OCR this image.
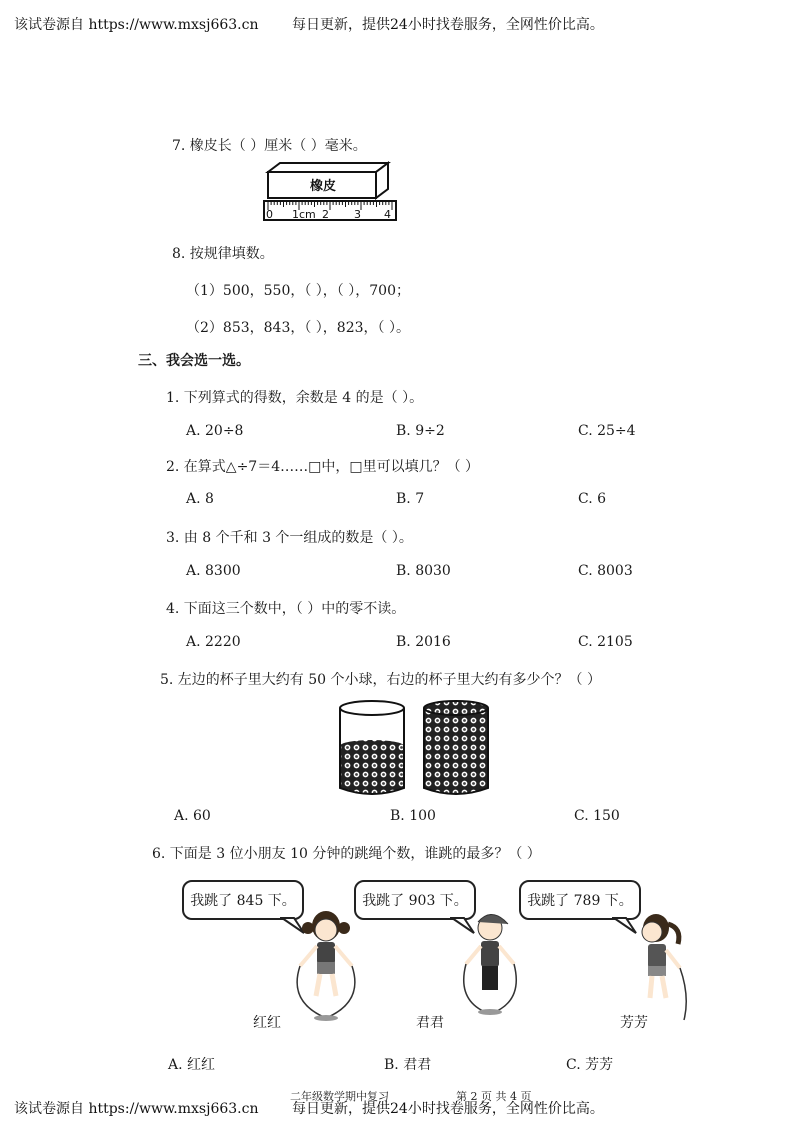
该试卷源自 https://www.mxsj663.cn 每日更新，提供24小时找卷服务，全网性价比高。
7. 橡皮长（ ）厘米（ ）毫米。
橡皮
0 1cm 2 3 4
8. 按规律填数。
（1）500，550，（ ），（ ），700；
（2）853，843，（ ），823，（ ）。
三、我会选一选。
1. 下列算式的得数，余数是 4 的是（ ）。
A. 20÷8	B. 9÷2	C. 25÷4
2. 在算式△÷7＝4……□中，□里可以填几？（ ）
A. 8	B. 7	C. 6
3. 由 8 个千和 3 个一组成的数是（ ）。
A. 8300	B. 8030	C. 8003
4. 下面这三个数中，（ ）中的零不读。
A. 2220	B. 2016	C. 2105
5. 左边的杯子里大约有 50 个小球，右边的杯子里大约有多少个？（ ）
A. 60	B. 100	C. 150
6. 下面是 3 位小朋友 10 分钟的跳绳个数，谁跳的最多？（ ）
我跳了 845 下。	我跳了 903 下。	我跳了 789 下。
红红	君君	芳芳
A. 红红	B. 君君	C. 芳芳
二年级数学期中复习	第 2 页 共 4 页
该试卷源自 https://www.mxsj663.cn 每日更新，提供24小时找卷服务，全网性价比高。
